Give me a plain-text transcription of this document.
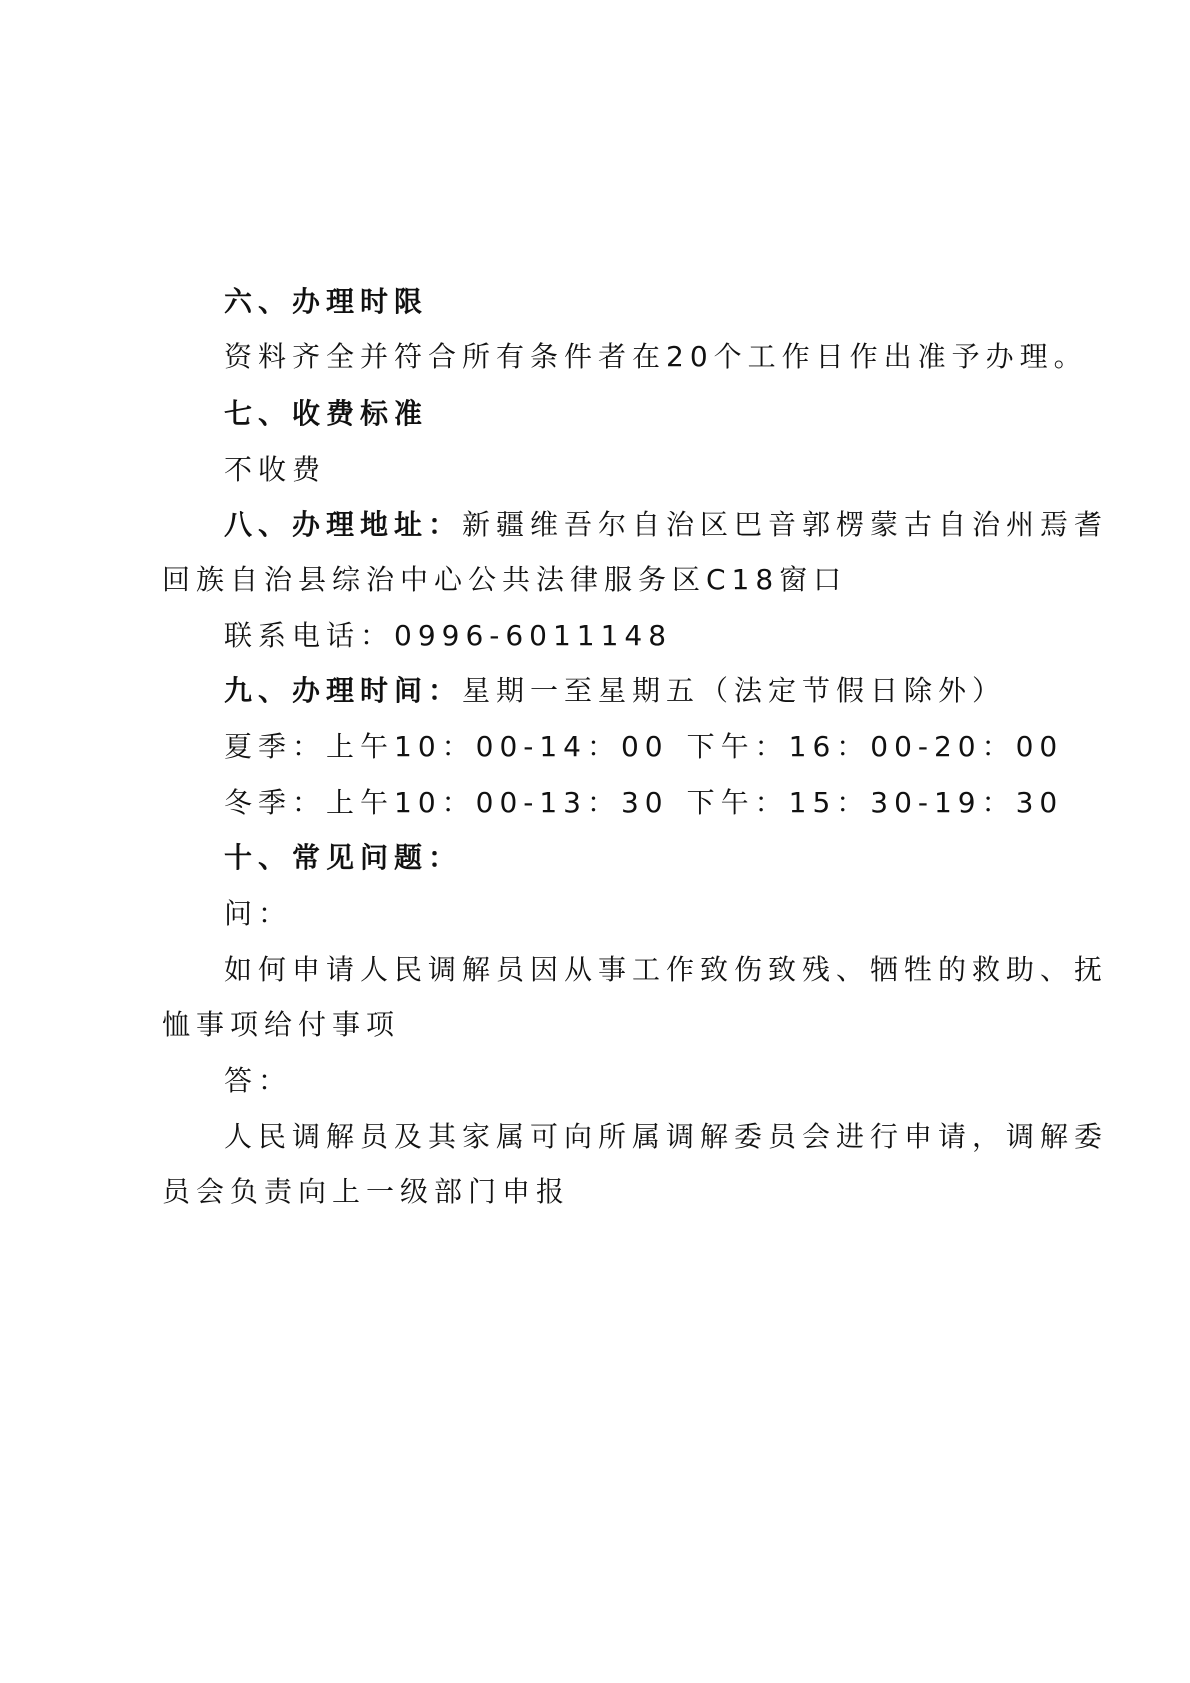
六、办理时限
资料齐全并符合所有条件者在20个工作日作出准予办理。
七、收费标准
不收费
八、办理地址：新疆维吾尔自治区巴音郭楞蒙古自治州焉耆
回族自治县综治中心公共法律服务区C18窗口
联系电话：0996-6011148
九、办理时间：星期一至星期五（法定节假日除外）
夏季：上午10：00-14：00 下午：16：00-20：00
冬季：上午10：00-13：30 下午：15：30-19：30
十、常见问题：
问：
如何申请人民调解员因从事工作致伤致残、牺牲的救助、抚
恤事项给付事项
答：
人民调解员及其家属可向所属调解委员会进行申请，调解委
员会负责向上一级部门申报
